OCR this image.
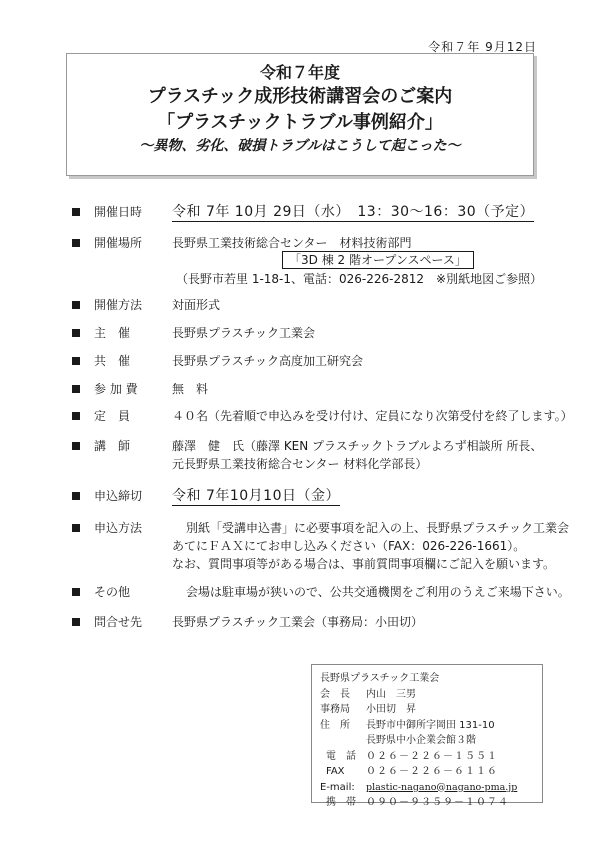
令和７年 9月12日
令和７年度
プラスチック成形技術講習会のご案内
「プラスチックトラブル事例紹介」
～異物、劣化、破損トラブルはこうして起こった～
開催日時 令和 7年 10月 29日（水）　13：30～16：30（予定）
開催場所 長野県工業技術総合センター　材料技術部門
「3D 棟 2 階オープンスペース」
（長野市若里 1-18-1、電話：026-226-2812　※別紙地図ご参照）
開催方法 対面形式
主　催	長野県プラスチック工業会
共　催	長野県プラスチック高度加工研究会
参 加 費	無　料
定　員	４０名（先着順で申込みを受け付け、定員になり次第受付を終了します。）
講　師	藤澤　健　氏（藤澤 KEN プラスチックトラブルよろず相談所 所長、
元長野県工業技術総合センター 材料化学部長）
申込締切 令和 7年10月10日（金）
申込方法	別紙「受講申込書」に必要事項を記入の上、長野県プラスチック工業会
あてにＦＡＸにてお申し込みください（FAX：026-226-1661）。
なお、質問事項等がある場合は、事前質問事項欄にご記入を願います。
その他	会場は駐車場が狭いので、公共交通機関をご利用のうえご来場下さい。
問合せ先 長野県プラスチック工業会（事務局：小田切）
長野県プラスチック工業会
会　長 内山　三男
事務局 小田切　昇
住　所 長野市中御所字岡田 131-10
長野県中小企業会館３階
電　話 ０２６－２２６－１５５１
FAX ０２６－２２６－６１１６
E-mail: plastic-nagano@nagano-pma.jp
携　帯 ０９０－９３５９－１０７４
